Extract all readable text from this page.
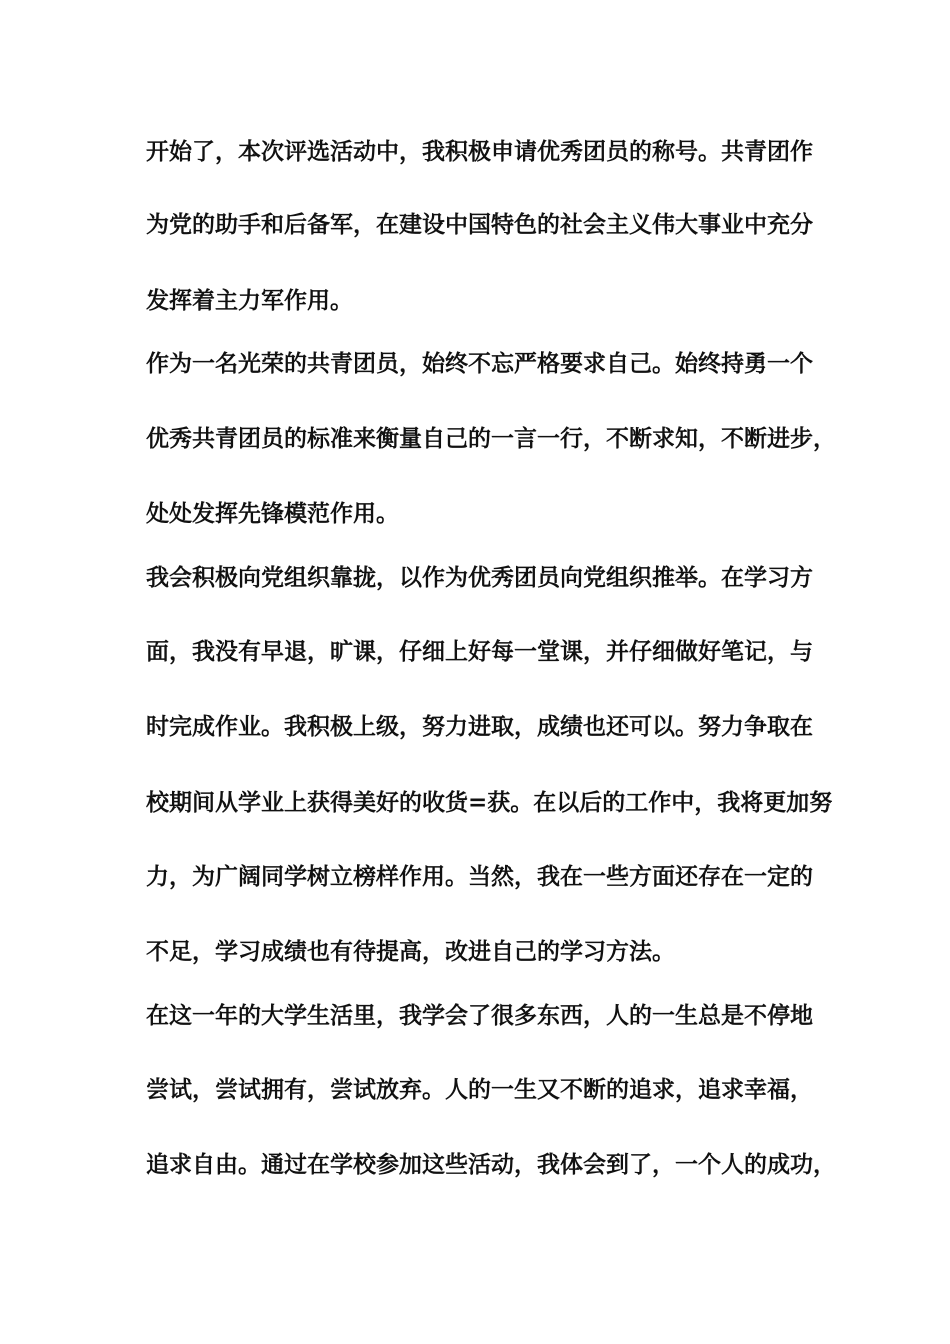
开始了，本次评选活动中，我积极申请优秀团员的称号。共青团作
为党的助手和后备军，在建设中国特色的社会主义伟大事业中充分
发挥着主力军作用。
作为一名光荣的共青团员，始终不忘严格要求自己。始终持勇一个
优秀共青团员的标准来衡量自己的一言一行，不断求知，不断进步，
处处发挥先锋模范作用。
我会积极向党组织靠拢，以作为优秀团员向党组织推举。在学习方
面，我没有早退，旷课，仔细上好每一堂课，并仔细做好笔记，与
时完成作业。我积极上级，努力进取，成绩也还可以。努力争取在
校期间从学业上获得美好的收货=获。在以后的工作中，我将更加努
力，为广阔同学树立榜样作用。当然，我在一些方面还存在一定的
不足，学习成绩也有待提高，改进自己的学习方法。
在这一年的大学生活里，我学会了很多东西，人的一生总是不停地
尝试，尝试拥有，尝试放弃。人的一生又不断的追求，追求幸福，
追求自由。通过在学校参加这些活动，我体会到了，一个人的成功，
